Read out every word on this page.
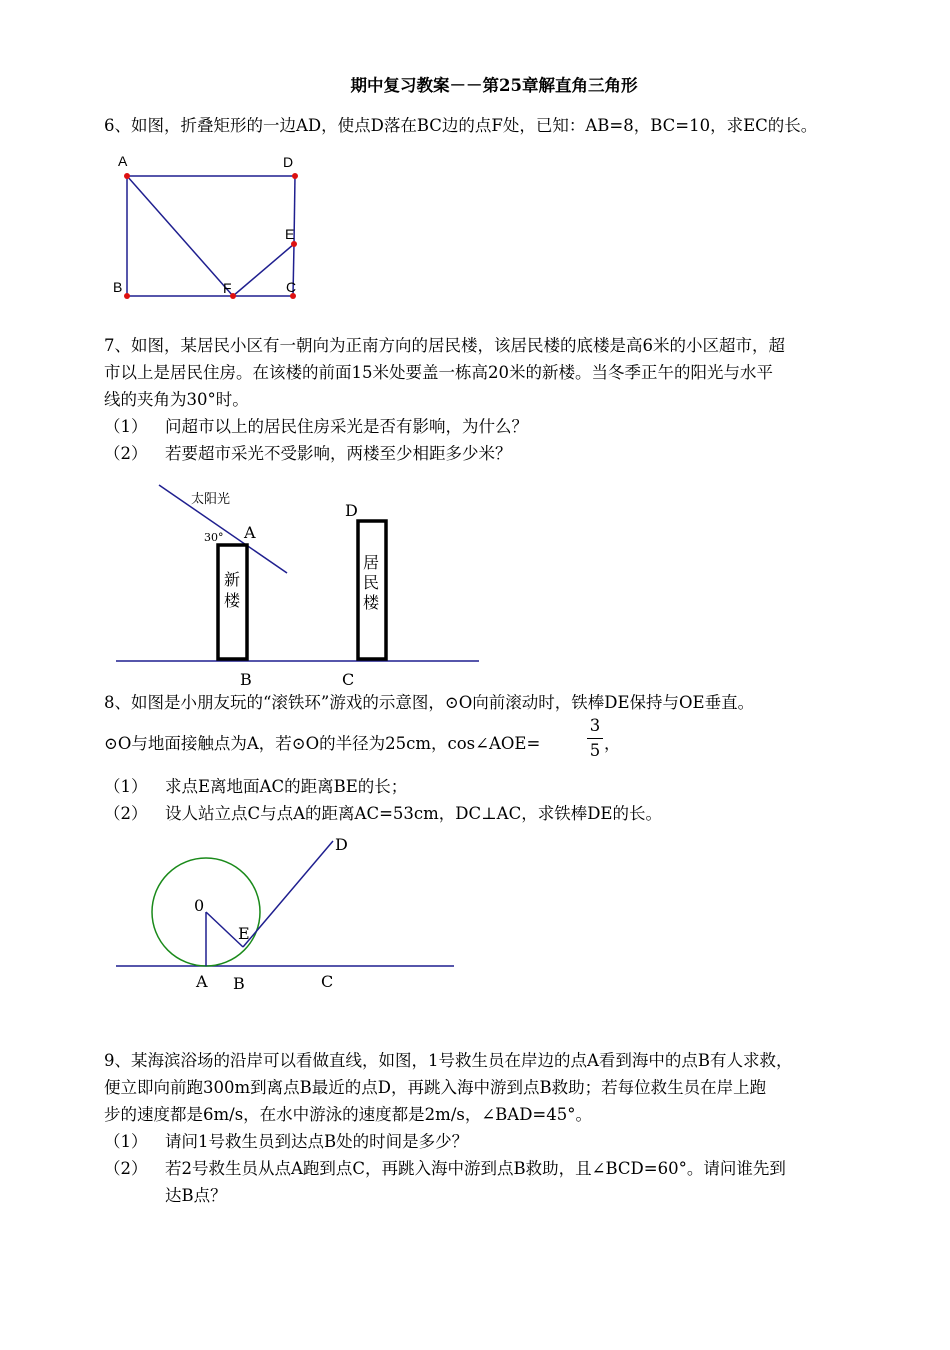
期中复习教案－－第25章解直角三角形
6、如图，折叠矩形的一边AD，使点D落在BC边的点F处，已知：AB=8，BC=10，求EC的长。
A	D
B	C
E
F
7、如图，某居民小区有一朝向为正南方向的居民楼，该居民楼的底楼是高6米的小区超市，超
市以上是居民住房。在该楼的前面15米处要盖一栋高20米的新楼。当冬季正午的阳光与水平
线的夹角为30°时。
（1） 问超市以上的居民住房采光是否有影响，为什么？
（2） 若要超市采光不受影响，两楼至少相距多少米？
太阳光
30° A
D
B	C
新
楼
居
民
楼
8、如图是小朋友玩的“滚铁环”游戏的示意图，⊙O向前滚动时，铁棒DE保持与OE垂直。
⊙O与地面接触点为A，若⊙O的半径为25cm，cos∠AOE=
3
5 ，
（1） 求点E离地面AC的距离BE的长；
（2） 设人站立点C与点A的距离AC=53cm，DC⊥AC，求铁棒DE的长。
0
E
D
A B	C
9、某海滨浴场的沿岸可以看做直线，如图，1号救生员在岸边的点A看到海中的点B有人求救，
便立即向前跑300m到离点B最近的点D，再跳入海中游到点B救助；若每位救生员在岸上跑
步的速度都是6m/s，在水中游泳的速度都是2m/s，∠BAD=45°。
（1） 请问1号救生员到达点B处的时间是多少？
（2） 若2号救生员从点A跑到点C，再跳入海中游到点B救助，且∠BCD=60°。请问谁先到
达B点？
